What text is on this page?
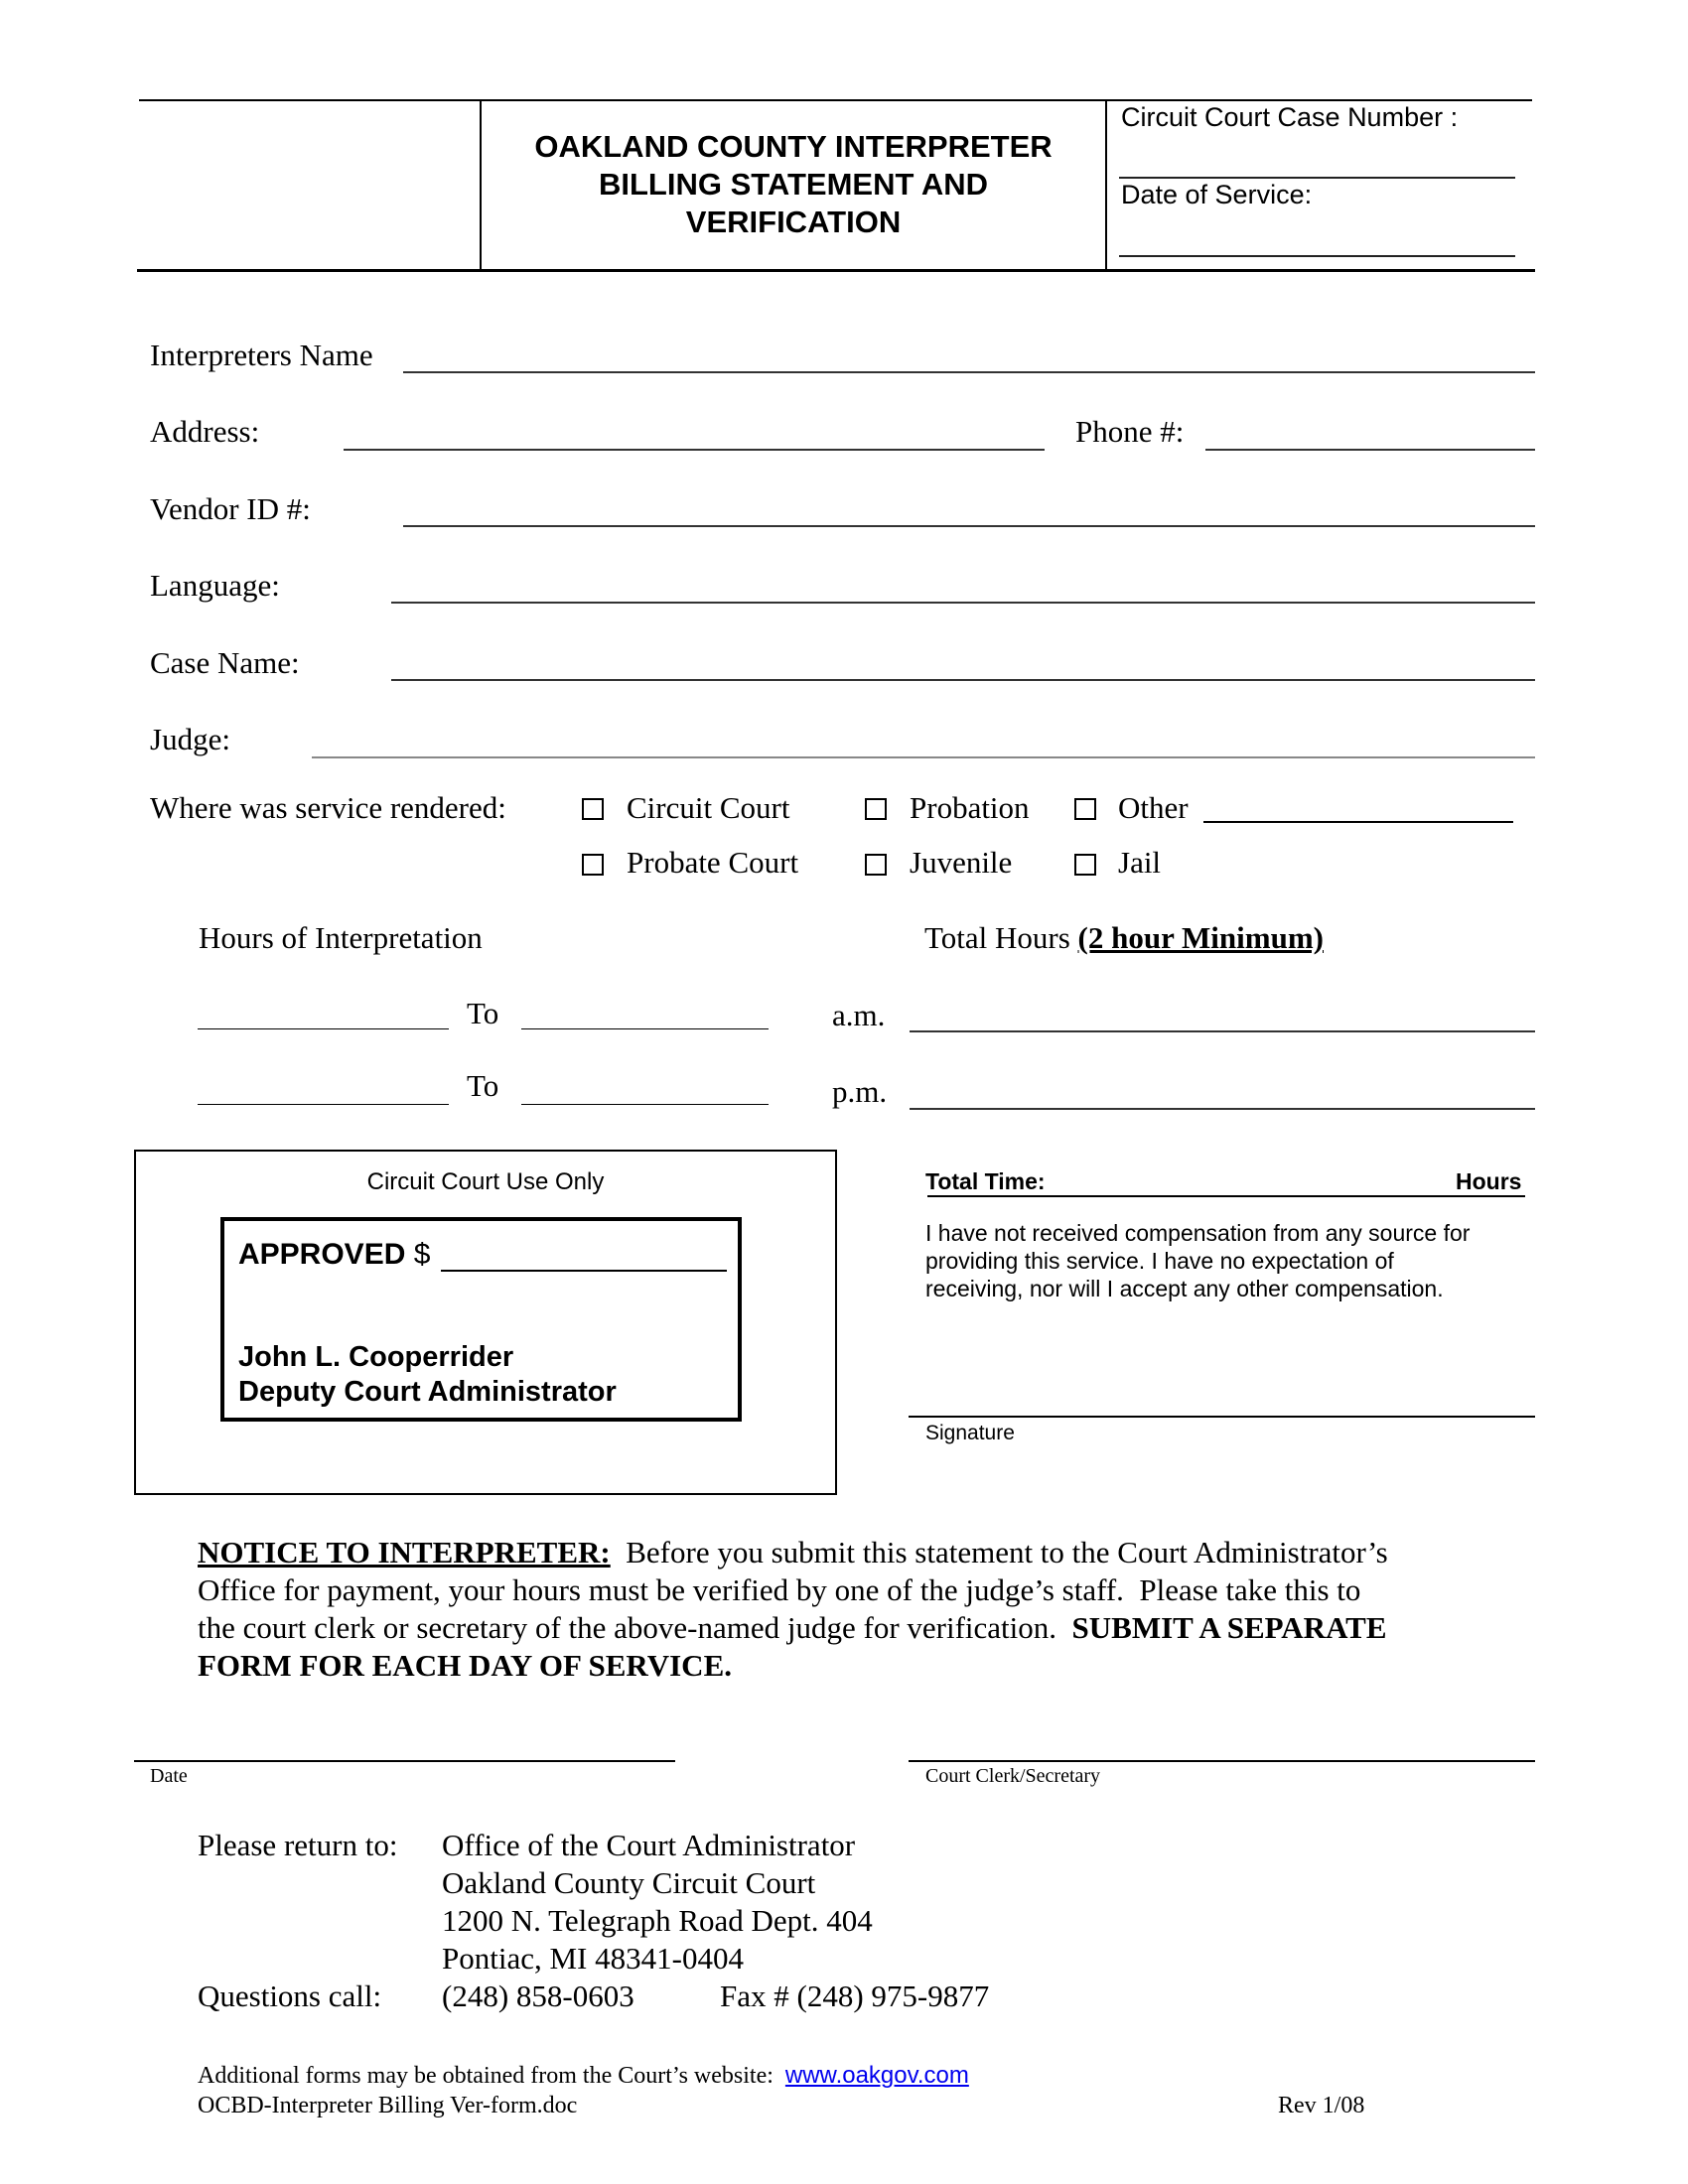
OAKLAND COUNTY INTERPRETER
BILLING STATEMENT AND
VERIFICATION
Circuit Court Case Number :
Date of Service:
Interpreters Name
Address:	Phone #:
Vendor ID #:
Language:
Case Name:
Judge:
Where was service rendered:	Circuit Court	Probation	Other
Probate Court	Juvenile	Jail
Hours of Interpretation	Total Hours (2 hour Minimum)
To	a.m.
To	p.m.
Circuit Court Use Only
APPROVED $
John L. Cooperrider
Deputy Court Administrator
Total Time:	Hours
I have not received compensation from any source for
providing this service. I have no expectation of
receiving, nor will I accept any other compensation.
Signature
NOTICE TO INTERPRETER:  Before you submit this statement to the Court Administrator’s
Office for payment, your hours must be verified by one of the judge’s staff.  Please take this to
the court clerk or secretary of the above-named judge for verification.  SUBMIT A SEPARATE
FORM FOR EACH DAY OF SERVICE.
Date	Court Clerk/Secretary
Please return to: Office of the Court Administrator
Oakland County Circuit Court
1200 N. Telegraph Road Dept. 404
Pontiac, MI 48341-0404
Questions call: (248) 858-0603	Fax # (248) 975-9877
Additional forms may be obtained from the Court’s website:  www.oakgov.com
OCBD-Interpreter Billing Ver-form.doc	Rev 1/08
